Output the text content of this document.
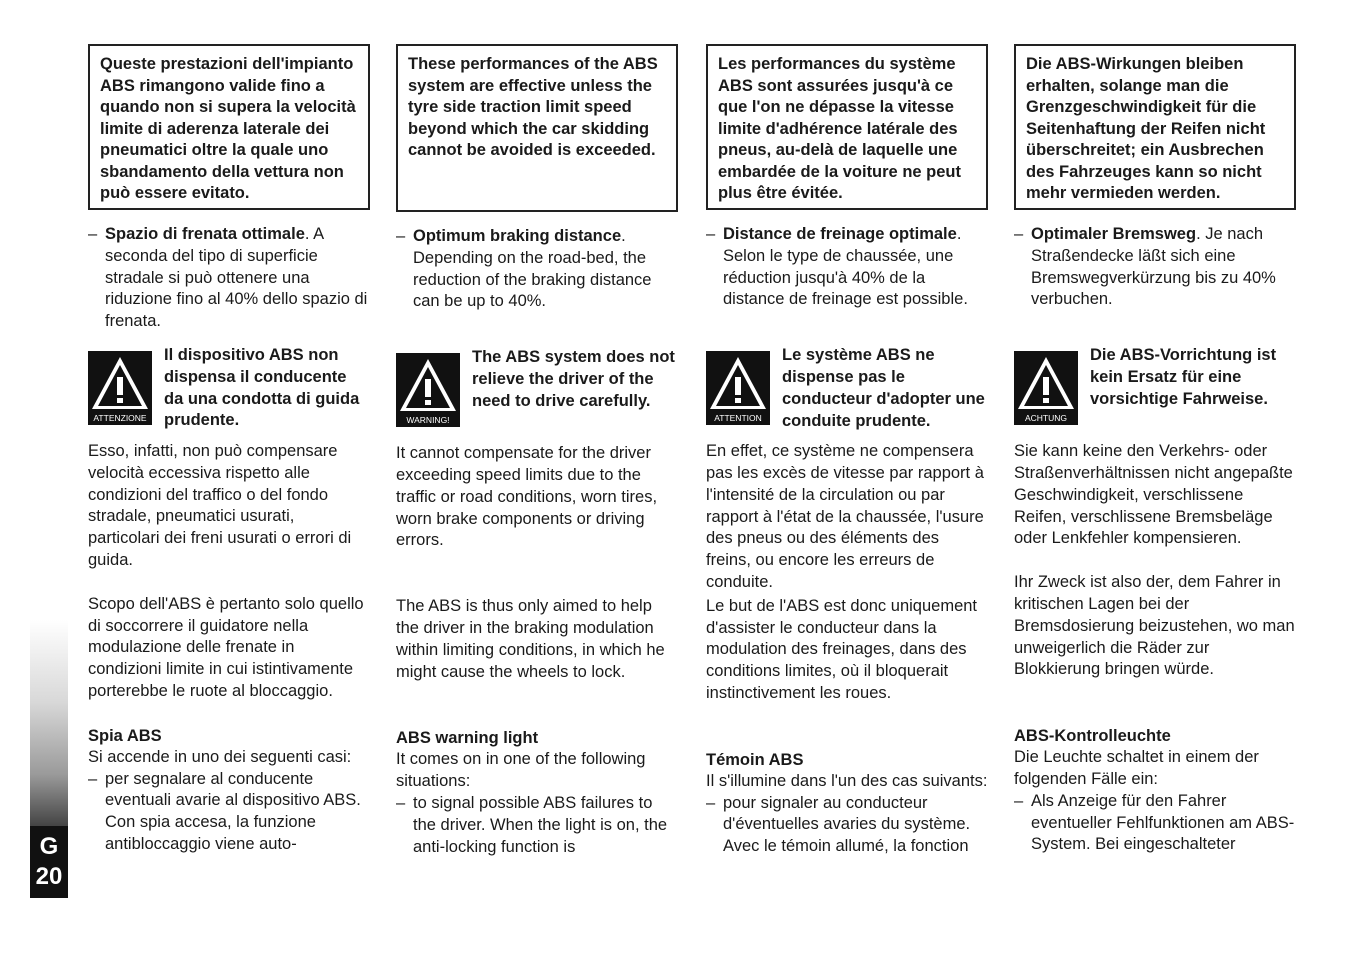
G
20
Queste prestazioni dell'impianto ABS rimangono valide fino a quando non si supera la velocità limite di aderenza laterale dei pneumatici oltre la quale uno sbandamento della vettura non può essere evitato.

– Spazio di frenata ottimale. A seconda del tipo di superficie stradale si può ottenere una riduzione fino al 40% dello spazio di frenata.

ATTENZIONE
Il dispositivo ABS non dispensa il conducente da una condotta di guida prudente.

Esso, infatti, non può compensare velocità eccessiva rispetto alle condizioni del traffico o del fondo stradale, pneumatici usurati, particolari dei freni usurati o errori di guida.

Scopo dell'ABS è pertanto solo quello di soccorrere il guidatore nella modulazione delle frenate in condizioni limite in cui istintivamente porterebbe le ruote al bloccaggio.

Spia ABS

Si accende in uno dei seguenti casi:

– per segnalare al conducente eventuali avarie al dispositivo ABS. Con spia accesa, la funzione antibloccaggio viene auto-

These performances of the ABS system are effective unless the tyre side traction limit speed beyond which the car skidding cannot be avoided is exceeded.

– Optimum braking distance. Depending on the road-bed, the reduction of the braking distance can be up to 40%.

WARNING!
The ABS system does not relieve the driver of the need to drive carefully.

It cannot compensate for the driver exceeding speed limits due to the traffic or road conditions, worn tires, worn brake components or driving errors.

The ABS is thus only aimed to help the driver in the braking modulation within limiting conditions, in which he might cause the wheels to lock.

ABS warning light

It comes on in one of the following situations:

– to signal possible ABS failures to the driver. When the light is on, the anti-locking function is

Les performances du système ABS sont assurées jusqu'à ce que l'on ne dépasse la vitesse limite d'adhérence latérale des pneus, au-delà de laquelle une embardée de la voiture ne peut plus être évitée.

– Distance de freinage optimale. Selon le type de chaussée, une réduction jusqu'à 40% de la distance de freinage est possible.

ATTENTION
Le système ABS ne dispense pas le conducteur d'adopter une conduite prudente.

En effet, ce système ne compensera pas les excès de vitesse par rapport à l'intensité de la circulation ou par rapport à l'état de la chaussée, l'usure des pneus ou des éléments des freins, ou encore les erreurs de conduite.

Le but de l'ABS est donc uniquement d'assister le conducteur dans la modulation des freinages, dans des conditions limites, où il bloquerait instinctivement les roues.

Témoin ABS

Il s'illumine dans l'un des cas suivants:

– pour signaler au conducteur d'éventuelles avaries du système. Avec le témoin allumé, la fonction

Die ABS-Wirkungen bleiben erhalten, solange man die Grenzgeschwindigkeit für die Seitenhaftung der Reifen nicht überschreitet; ein Ausbrechen des Fahrzeuges kann so nicht mehr vermieden werden.

– Optimaler Bremsweg. Je nach Straßendecke läßt sich eine Bremswegverkürzung bis zu 40% verbuchen.

ACHTUNG
Die ABS-Vorrichtung ist kein Ersatz für eine vorsichtige Fahrweise.

Sie kann keine den Verkehrs- oder Straßenverhältnissen nicht angepaßte Geschwindigkeit, verschlissene Reifen, verschlissene Bremsbeläge oder Lenkfehler kompensieren.

Ihr Zweck ist also der, dem Fahrer in kritischen Lagen bei der Bremsdosierung beizustehen, wo man unweigerlich die Räder zur Blokkierung bringen würde.

ABS-Kontrolleuchte

Die Leuchte schaltet in einem der folgenden Fälle ein:

– Als Anzeige für den Fahrer eventueller Fehlfunktionen am ABS-System. Bei eingeschalteter
